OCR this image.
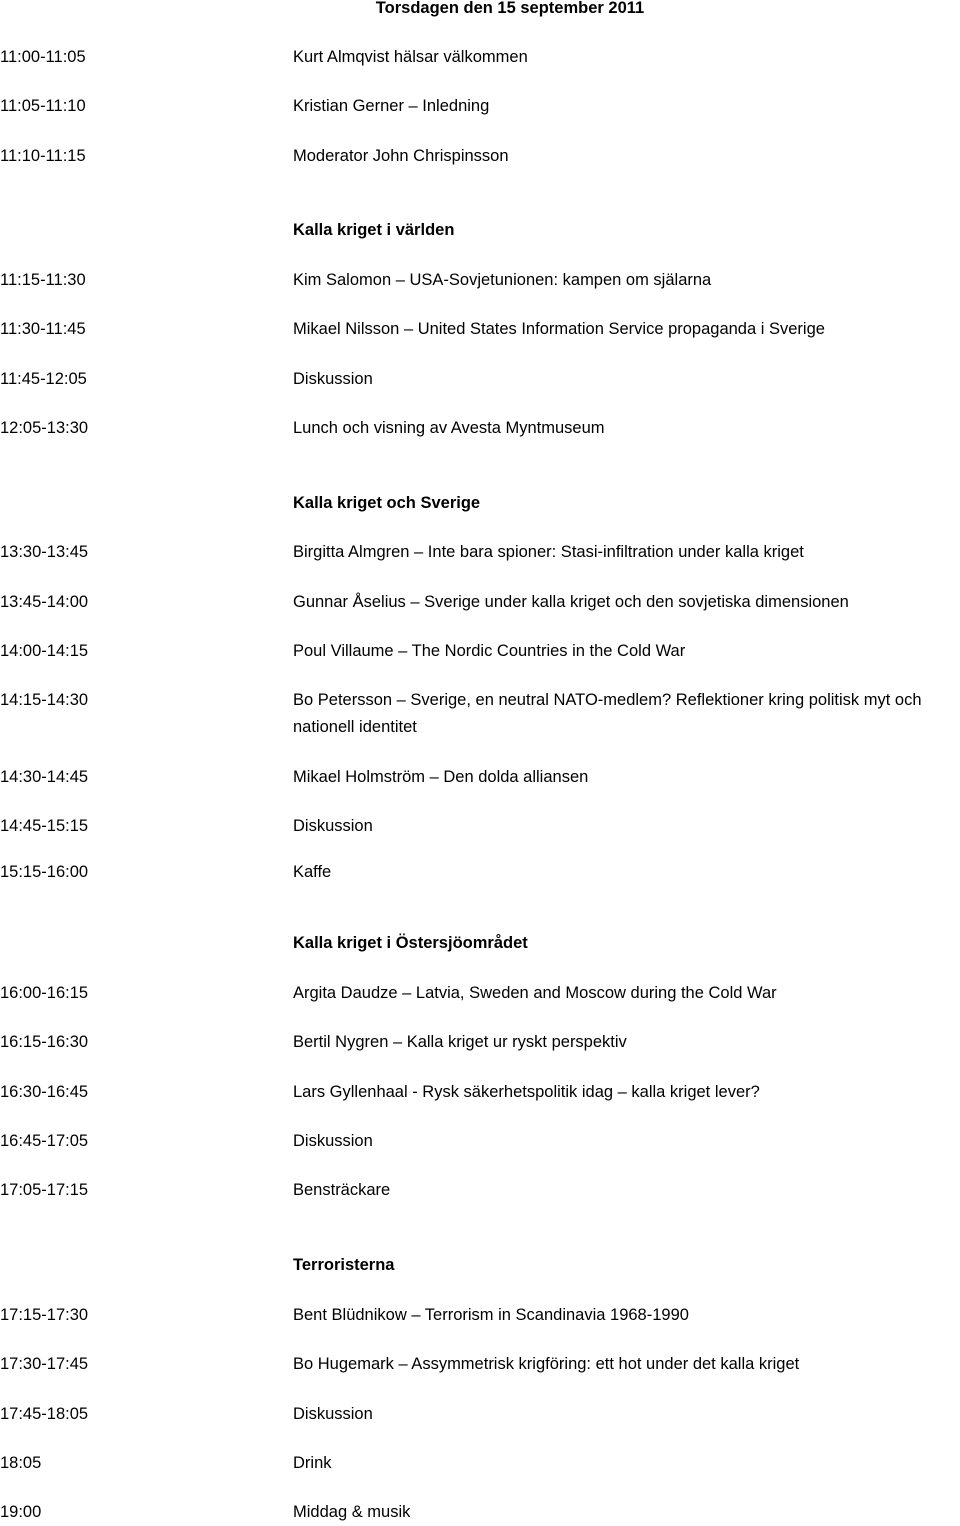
Torsdagen den 15 september 2011
11:00-11:05	Kurt Almqvist hälsar välkommen
11:05-11:10	Kristian Gerner – Inledning
11:10-11:15	Moderator John Chrispinsson
Kalla kriget i världen
11:15-11:30	Kim Salomon – USA-Sovjetunionen: kampen om själarna
11:30-11:45	Mikael Nilsson – United States Information Service propaganda i Sverige
11:45-12:05	Diskussion
12:05-13:30	Lunch och visning av Avesta Myntmuseum
Kalla kriget och Sverige
13:30-13:45	Birgitta Almgren – Inte bara spioner: Stasi-infiltration under kalla kriget
13:45-14:00	Gunnar Åselius – Sverige under kalla kriget och den sovjetiska dimensionen
14:00-14:15	Poul Villaume – The Nordic Countries in the Cold War
14:15-14:30	Bo Petersson – Sverige, en neutral NATO-medlem? Reflektioner kring politisk myt och nationell identitet
14:30-14:45	Mikael Holmström – Den dolda alliansen
14:45-15:15	Diskussion
15:15-16:00	Kaffe
Kalla kriget i Östersjöområdet
16:00-16:15	Argita Daudze – Latvia, Sweden and Moscow during the Cold War
16:15-16:30	Bertil Nygren – Kalla kriget ur ryskt perspektiv
16:30-16:45	Lars Gyllenhaal - Rysk säkerhetspolitik idag – kalla kriget lever?
16:45-17:05	Diskussion
17:05-17:15	Bensträckare
Terroristerna
17:15-17:30	Bent Blüdnikow – Terrorism in Scandinavia 1968-1990
17:30-17:45	Bo Hugemark – Assymmetrisk krigföring: ett hot under det kalla kriget
17:45-18:05	Diskussion
18:05	Drink
19:00	Middag & musik
